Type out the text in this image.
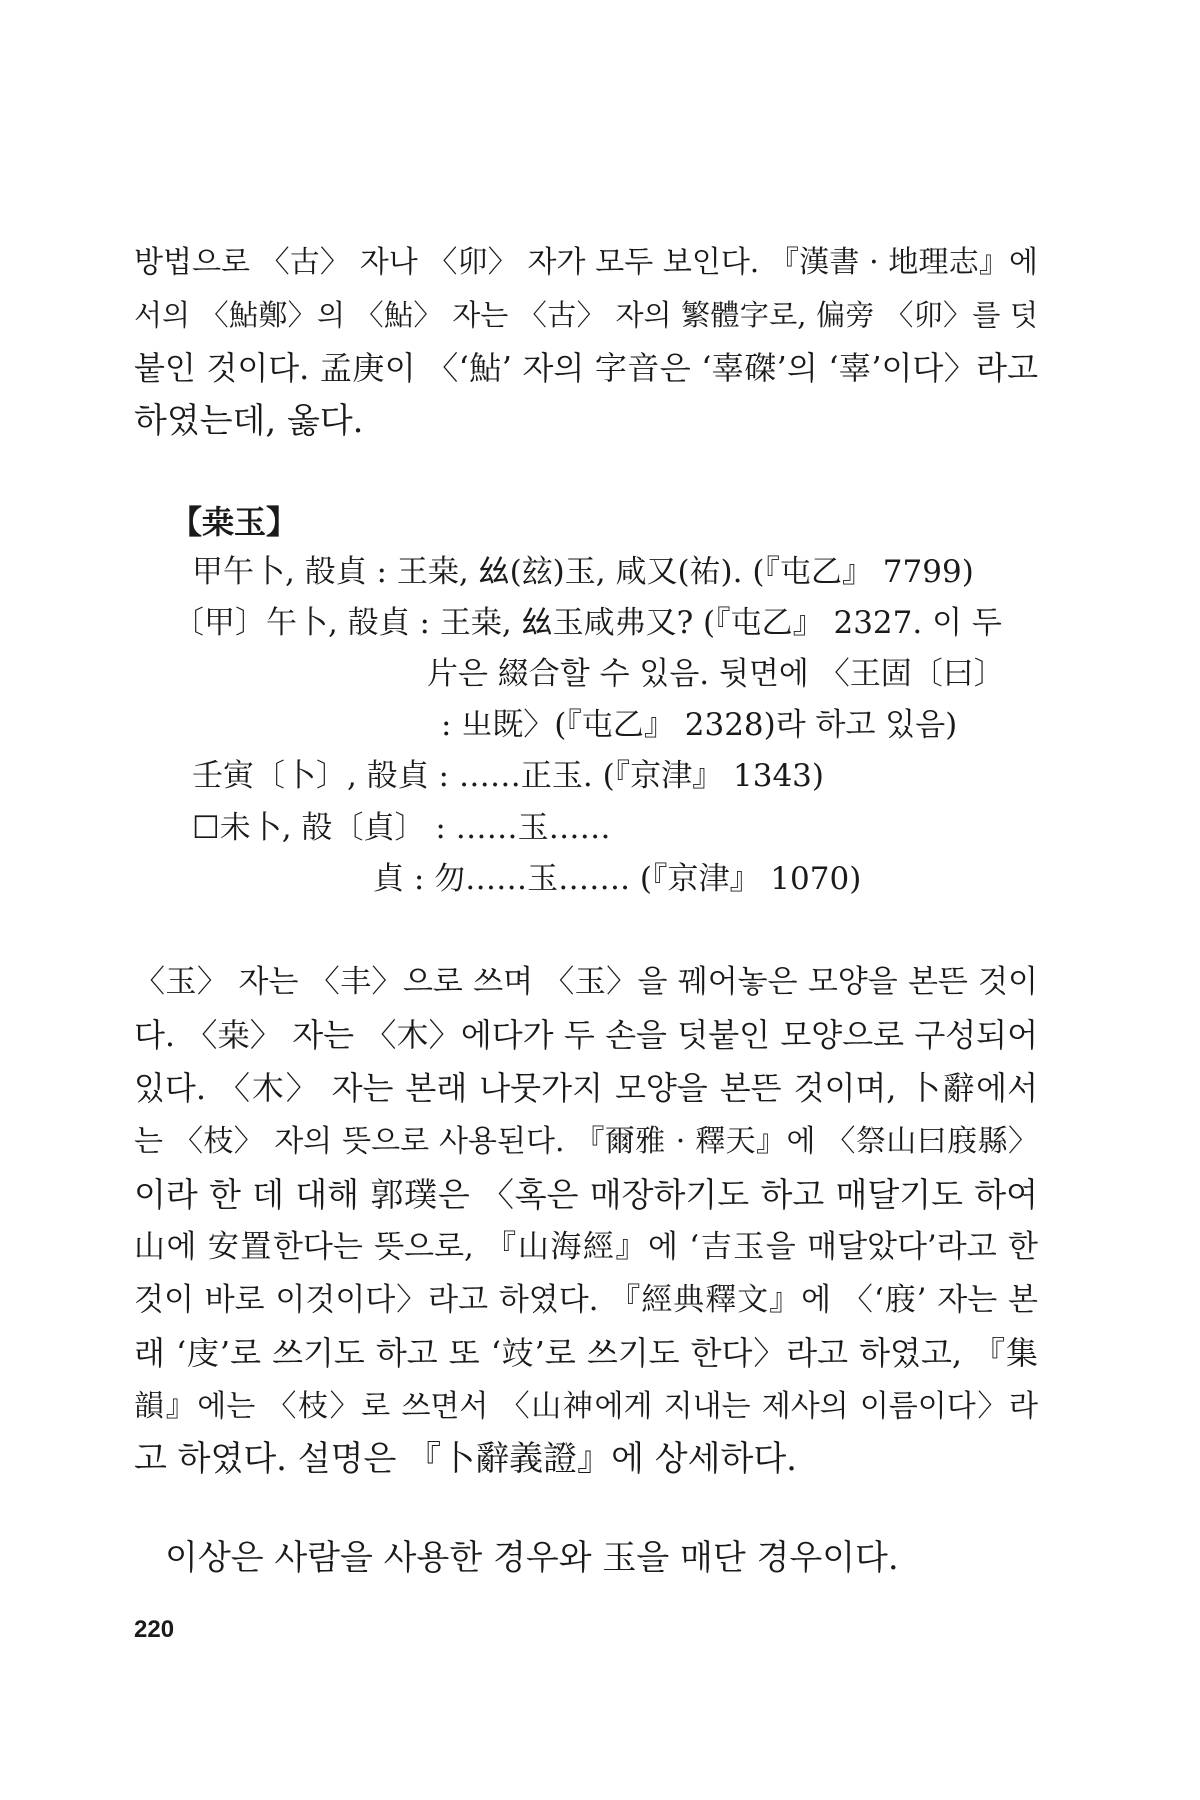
방법으로 〈古〉 자나 〈卯〉 자가 모두 보인다. 『漢書 · 地理志』에
서의 〈鮎鄭〉의 〈鮎〉 자는 〈古〉 자의 繁體字로, 偏旁 〈卯〉를 덧
붙인 것이다. 孟庚이 〈‘鮎’ 자의 字音은 ‘辜磔’의 ‘辜’이다〉라고
하였는데, 옳다.
【桒玉】
甲午卜, 㱿貞 : 王桒, 𢆶(玆)玉, 咸又(祐). (『屯乙』 7799)
〔甲〕午卜, 㱿貞 : 王桒, 𢆶玉咸弗又? (『屯乙』 2327. 이 두
片은 綴合할 수 있음. 뒷면에 〈王固〔曰〕
: 㞢既〉(『屯乙』 2328)라 하고 있음)
壬寅〔卜〕, 㱿貞 : ……正玉. (『京津』 1343)
☐未卜, 㱿〔貞〕 : ……玉……
貞 : 勿……玉……. (『京津』 1070)
〈玉〉 자는 〈丰〉으로 쓰며 〈玉〉을 꿰어놓은 모양을 본뜬 것이
다. 〈桒〉 자는 〈木〉에다가 두 손을 덧붙인 모양으로 구성되어
있다. 〈木〉 자는 본래 나뭇가지 모양을 본뜬 것이며, 卜辭에서
는 〈枝〉 자의 뜻으로 사용된다. 『爾雅 · 釋天』에 〈祭山曰庪縣〉
이라 한 데 대해 郭璞은 〈혹은 매장하기도 하고 매달기도 하여
山에 安置한다는 뜻으로, 『山海經』에 ‘吉玉을 매달았다’라고 한
것이 바로 이것이다〉라고 하였다. 『經典釋文』에 〈‘庪’ 자는 본
래 ‘庋’로 쓰기도 하고 또 ‘攱’로 쓰기도 한다〉라고 하였고, 『集
韻』에는 〈枝〉로 쓰면서 〈山神에게 지내는 제사의 이름이다〉라
고 하였다. 설명은 『卜辭義證』에 상세하다.
이상은 사람을 사용한 경우와 玉을 매단 경우이다.
220
